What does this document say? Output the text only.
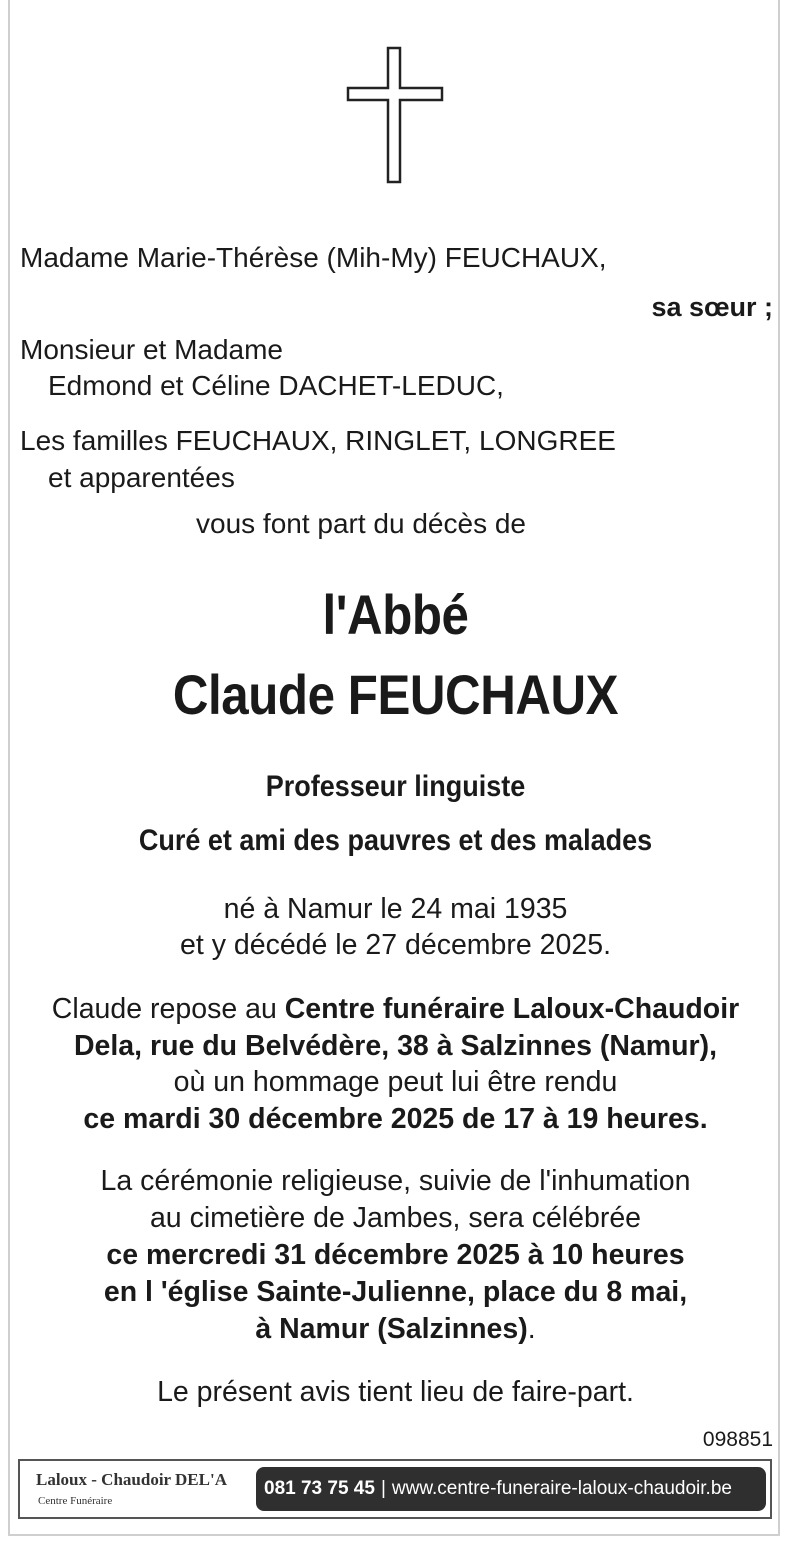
Madame Marie-Thérèse (Mih-My) FEUCHAUX,
sa sœur ;
Monsieur et Madame
Edmond et Céline DACHET-LEDUC,
Les familles FEUCHAUX, RINGLET, LONGREE
et apparentées
vous font part du décès de
l'Abbé
Claude FEUCHAUX
Professeur linguiste
Curé et ami des pauvres et des malades
né à Namur le 24 mai 1935
et y décédé le 27 décembre 2025.
Claude repose au Centre funéraire Laloux-Chaudoir
Dela, rue du Belvédère, 38 à Salzinnes (Namur),
où un hommage peut lui être rendu
ce mardi 30 décembre 2025 de 17 à 19 heures.
La cérémonie religieuse, suivie de l'inhumation
au cimetière de Jambes, sera célébrée
ce mercredi 31 décembre 2025 à 10 heures
en l 'église Sainte-Julienne, place du 8 mai,
à Namur (Salzinnes).
Le présent avis tient lieu de faire-part.
098851
Laloux - Chaudoir DEL'A
Centre Funéraire
081 73 75 45 | www.centre-funeraire-laloux-chaudoir.be
